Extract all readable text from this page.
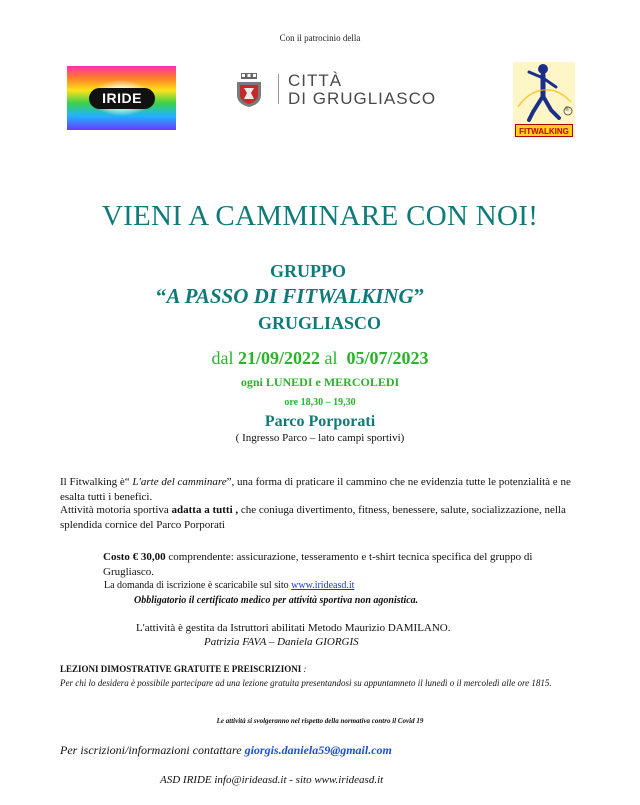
Con il patrocinio della
IRIDE
CITTÀ
DI GRUGLIASCO
®
FITWALKING
VIENI A CAMMINARE CON NOI!
GRUPPO
“A PASSO DI FITWALKING”
GRUGLIASCO
dal 21/09/2022 al 05/07/2023
ogni LUNEDI e MERCOLEDI
ore 18,30 – 19,30
Parco Porporati
( Ingresso Parco – lato campi sportivi)
Il Fitwalking è“ L'arte del camminare”, una forma di praticare il cammino che ne evidenzia tutte le potenzialità e ne esalta tutti i benefici.
Attività motoria sportiva adatta a tutti , che coniuga divertimento, fitness, benessere, salute, socializzazione, nella splendida cornice del Parco Porporati
Costo € 30,00 comprendente: assicurazione, tesseramento e t-shirt tecnica specifica del gruppo di Grugliasco.
La domanda di iscrizione è scaricabile sul sito www.irideasd.it
Obbligatorio il certificato medico per attività sportiva non agonistica.
L'attività è gestita da Istruttori abilitati Metodo Maurizio DAMILANO.
Patrizia FAVA – Daniela GIORGIS
LEZIONI DIMOSTRATIVE GRATUITE E PREISCRIZIONI :
Per chi lo desidera è possibile partecipare ad una lezione gratuita presentandosi su appuntamneto il lunedì o il mercoledì alle ore 1815.
Le attività si svolgeranno nel rispetto della normativa contro il Covid 19
Per iscrizioni/informazioni contattare giorgis.daniela59@gmail.com
ASD IRIDE info@irideasd.it - sito www.irideasd.it
